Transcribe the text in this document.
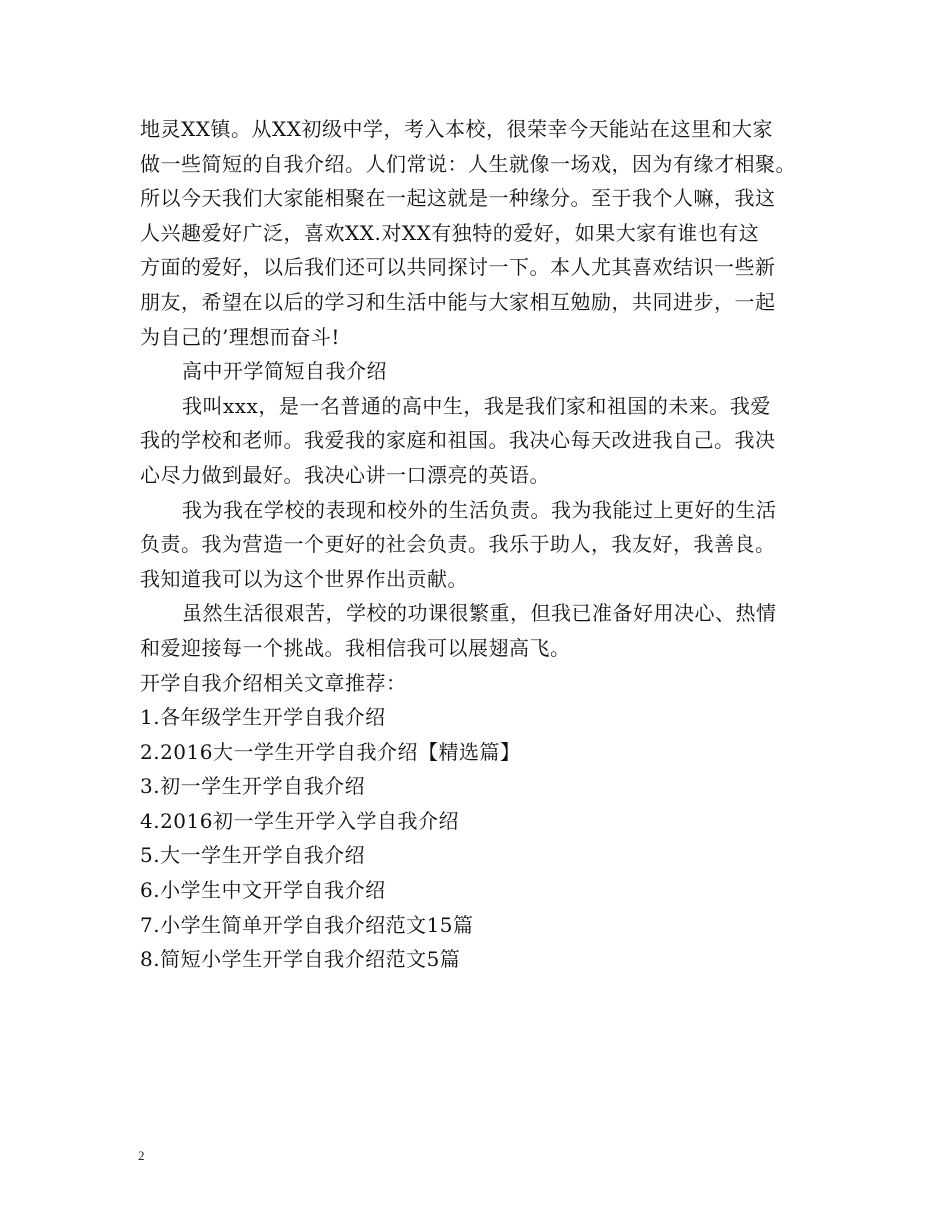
地灵XX镇。从XX初级中学，考入本校，很荣幸今天能站在这里和大家
做一些简短的自我介绍。人们常说：人生就像一场戏，因为有缘才相聚。
所以今天我们大家能相聚在一起这就是一种缘分。至于我个人嘛，我这
人兴趣爱好广泛，喜欢XX.对XX有独特的爱好，如果大家有谁也有这
方面的爱好，以后我们还可以共同探讨一下。本人尤其喜欢结识一些新
朋友，希望在以后的学习和生活中能与大家相互勉励，共同进步，一起
为自己的’理想而奋斗!
高中开学简短自我介绍
我叫xxx，是一名普通的高中生，我是我们家和祖国的未来。我爱
我的学校和老师。我爱我的家庭和祖国。我决心每天改进我自己。我决
心尽力做到最好。我决心讲一口漂亮的英语。
我为我在学校的表现和校外的生活负责。我为我能过上更好的生活
负责。我为营造一个更好的社会负责。我乐于助人，我友好，我善良。
我知道我可以为这个世界作出贡献。
虽然生活很艰苦，学校的功课很繁重，但我已准备好用决心、热情
和爱迎接每一个挑战。我相信我可以展翅高飞。
开学自我介绍相关文章推荐：
1.各年级学生开学自我介绍
2.2016大一学生开学自我介绍【精选篇】
3.初一学生开学自我介绍
4.2016初一学生开学入学自我介绍
5.大一学生开学自我介绍
6.小学生中文开学自我介绍
7.小学生简单开学自我介绍范文15篇
8.简短小学生开学自我介绍范文5篇
2
